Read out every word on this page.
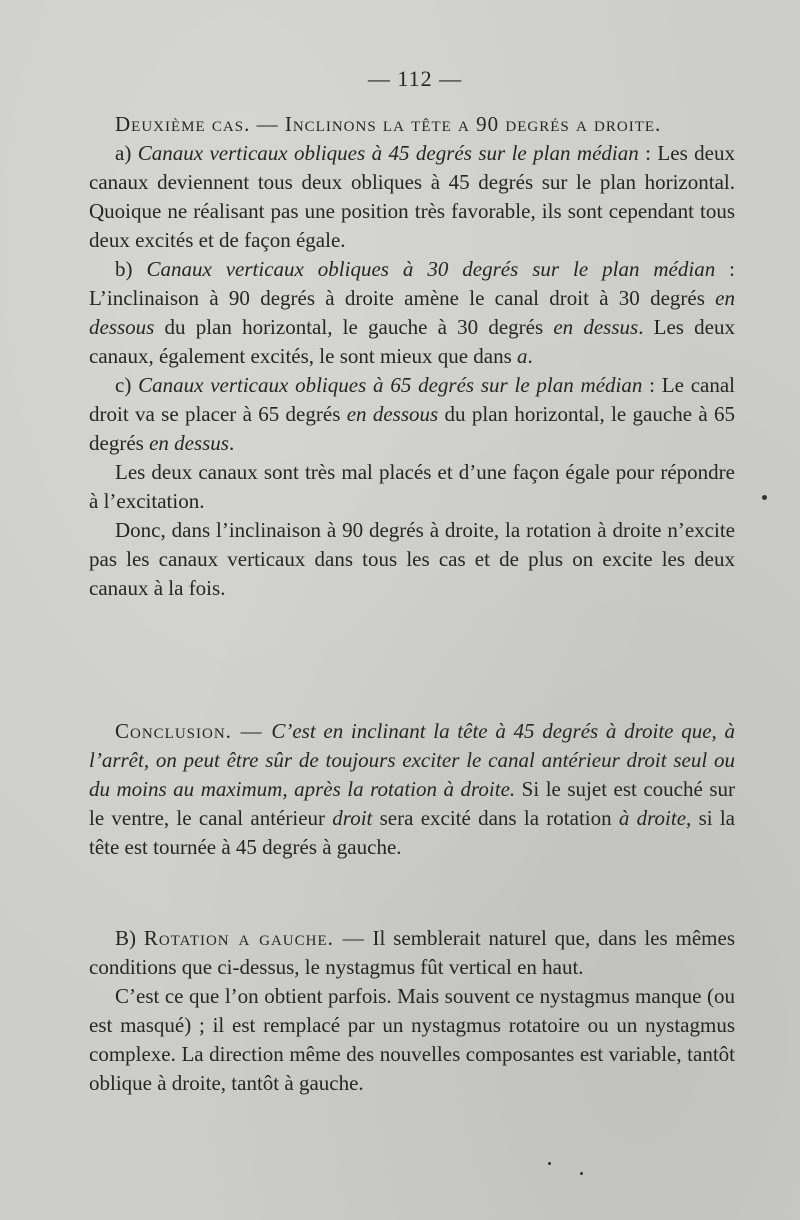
— 112 —

Deuxième cas. — Inclinons la tête a 90 degrés a droite.

a) Canaux verticaux obliques à 45 degrés sur le plan médian : Les deux canaux deviennent tous deux obliques à 45 degrés sur le plan horizontal. Quoique ne réalisant pas une position très favorable, ils sont cependant tous deux excités et de façon égale.

b) Canaux verticaux obliques à 30 degrés sur le plan médian : L’inclinaison à 90 degrés à droite amène le canal droit à 30 degrés en dessous du plan horizontal, le gauche à 30 degrés en dessus. Les deux canaux, également excités, le sont mieux que dans a.

c) Canaux verticaux obliques à 65 degrés sur le plan médian : Le canal droit va se placer à 65 degrés en dessous du plan horizontal, le gauche à 65 degrés en dessus.

Les deux canaux sont très mal placés et d’une façon égale pour répondre à l’excitation.

Donc, dans l’inclinaison à 90 degrés à droite, la rotation à droite n’excite pas les canaux verticaux dans tous les cas et de plus on excite les deux canaux à la fois.

Conclusion. — C’est en inclinant la tête à 45 degrés à droite que, à l’arrêt, on peut être sûr de toujours exciter le canal antérieur droit seul ou du moins au maximum, après la rotation à droite. Si le sujet est couché sur le ventre, le canal antérieur droit sera excité dans la rotation à droite, si la tête est tournée à 45 degrés à gauche.

B) Rotation a gauche. — Il semblerait naturel que, dans les mêmes conditions que ci-dessus, le nystagmus fût vertical en haut.

C’est ce que l’on obtient parfois. Mais souvent ce nystagmus manque (ou est masqué) ; il est remplacé par un nystagmus rotatoire ou un nystagmus complexe. La direction même des nouvelles composantes est variable, tantôt oblique à droite, tantôt à gauche.
